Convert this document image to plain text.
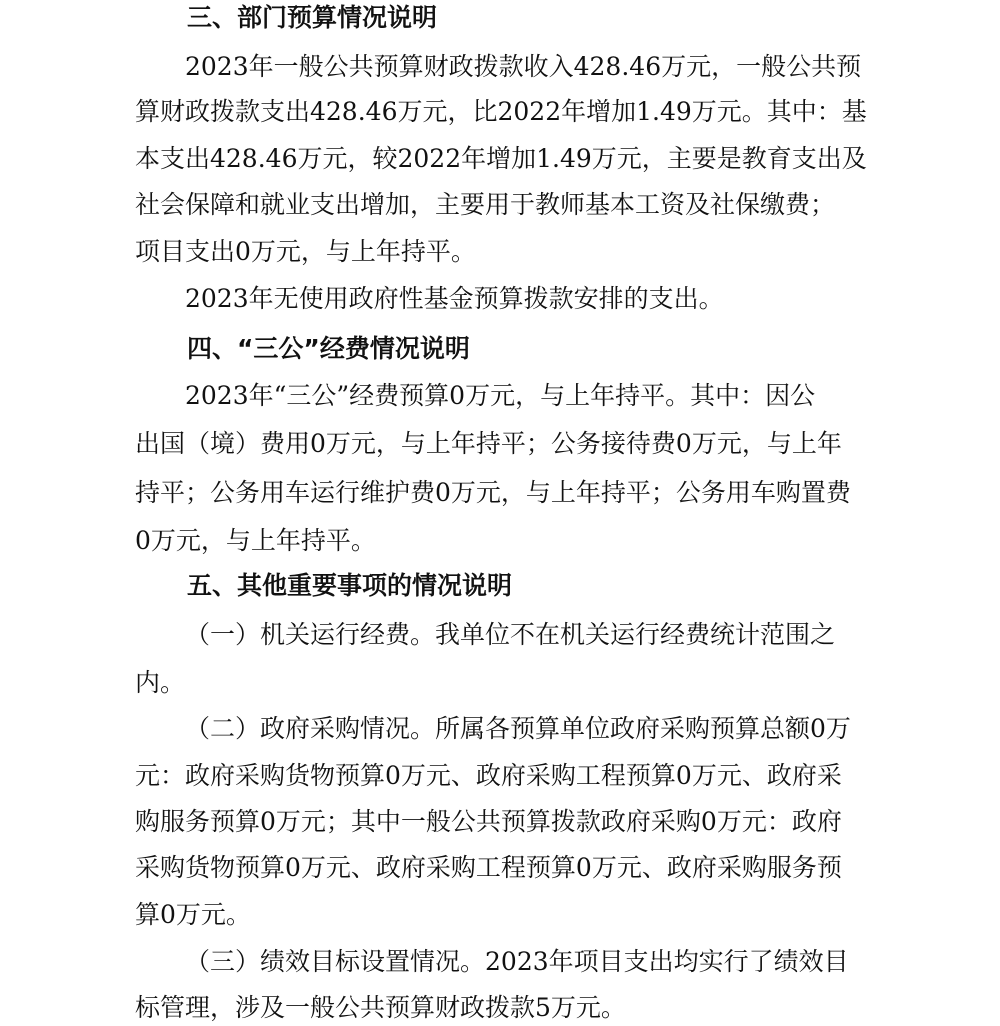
三、部门预算情况说明
2023年一般公共预算财政拨款收入428.46万元，一般公共预
算财政拨款支出428.46万元，比2022年增加1.49万元。其中：基
本支出428.46万元，较2022年增加1.49万元，主要是教育支出及
社会保障和就业支出增加，主要用于教师基本工资及社保缴费；
项目支出0万元，与上年持平。
2023年无使用政府性基金预算拨款安排的支出。
四、“三公”经费情况说明
2023年“三公”经费预算0万元，与上年持平。其中：因公
出国（境）费用0万元，与上年持平；公务接待费0万元，与上年
持平；公务用车运行维护费0万元，与上年持平；公务用车购置费
0万元，与上年持平。
五、其他重要事项的情况说明
（一）机关运行经费。我单位不在机关运行经费统计范围之
内。
（二）政府采购情况。所属各预算单位政府采购预算总额0万
元：政府采购货物预算0万元、政府采购工程预算0万元、政府采
购服务预算0万元；其中一般公共预算拨款政府采购0万元：政府
采购货物预算0万元、政府采购工程预算0万元、政府采购服务预
算0万元。
（三）绩效目标设置情况。2023年项目支出均实行了绩效目
标管理，涉及一般公共预算财政拨款5万元。
